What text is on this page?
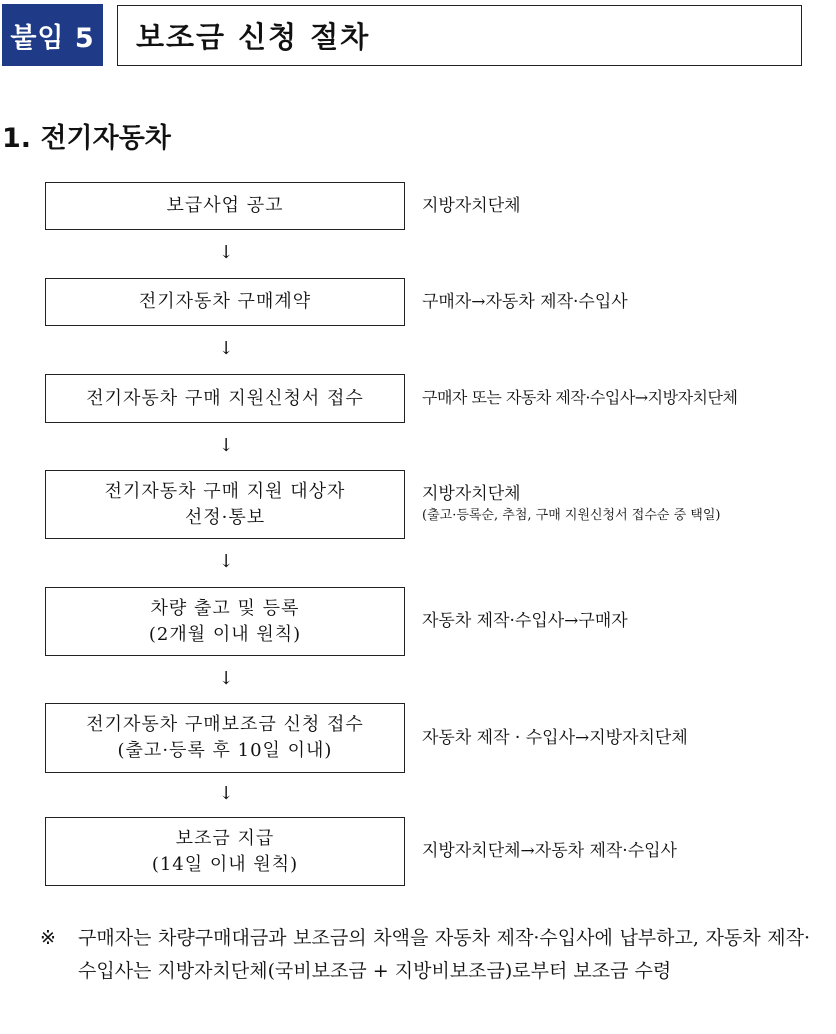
붙임 5	보조금 신청 절차
1. 전기자동차
보급사업 공고	지방자치단체
↓
전기자동차 구매계약	구매자→자동차 제작·수입사
↓
전기자동차 구매 지원신청서 접수	구매자 또는 자동차 제작·수입사→지방자치단체
↓
전기자동차 구매 지원 대상자
선정·통보
지방자치단체
(출고·등록순, 추첨, 구매 지원신청서 접수순 중 택일)
↓
차량 출고 및 등록
(2개월 이내 원칙)
자동차 제작·수입사→구매자
↓
전기자동차 구매보조금 신청 접수
(출고·등록 후 10일 이내)
자동차 제작 · 수입사→지방자치단체
↓
보조금 지급
(14일 이내 원칙)
지방자치단체→자동차 제작·수입사
※	구매자는 차량구매대금과 보조금의 차액을 자동차 제작·수입사에 납부하고, 자동차 제작·수입사는 지방자치단체(국비보조금 + 지방비보조금)로부터 보조금 수령
